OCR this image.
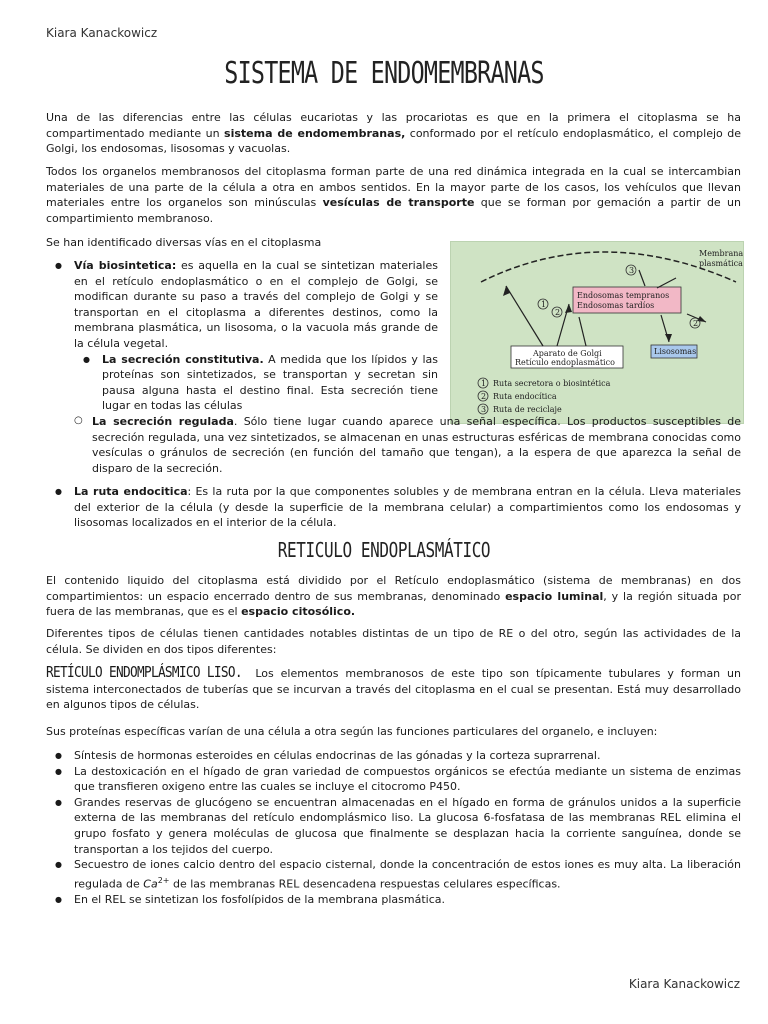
Kiara Kanackowicz
SISTEMA DE ENDOMEMBRANAS

Una de las diferencias entre las células eucariotas y las procariotas es que en la primera el citoplasma se ha compartimentado mediante un sistema de endomembranas, conformado por el retículo endoplasmático, el complejo de Golgi, los endosomas, lisosomas y vacuolas.

Todos los organelos membranosos del citoplasma forman parte de una red dinámica integrada en la cual se intercambian materiales de una parte de la célula a otra en ambos sentidos. En la mayor parte de los casos, los vehículos que llevan materiales entre los organelos son minúsculas vesículas de transporte que se forman por gemación a partir de un compartimiento membranoso.

Se han identificado diversas vías en el citoplasma

Membrana
plasmática
Endosomas tempranos
Endosomas tardíos
Aparato de Golgi
Retículo endoplasmático
Lisosomas
1
2
3
2
1 Ruta secretora o biosintética
2 Ruta endocítica
3 Ruta de reciclaje
● Vía biosintetica: es aquella en la cual se sintetizan materiales en el retículo endoplasmático o en el complejo de Golgi, se modifican durante su paso a través del complejo de Golgi y se transportan en el citoplasma a diferentes destinos, como la membrana plasmática, un lisosoma, o la vacuola más grande de la célula vegetal.
● La secreción constitutiva. A medida que los lípidos y las proteínas son sintetizados, se transportan y secretan sin pausa alguna hasta el destino final. Esta secreción tiene lugar en todas las células

○ La secreción regulada. Sólo tiene lugar cuando aparece una señal específica. Los productos susceptibles de secreción regulada, una vez sintetizados, se almacenan en unas estructuras esféricas de membrana conocidas como vesículas o gránulos de secreción (en función del tamaño que tengan), a la espera de que aparezca la señal de disparo de la secreción.

● La ruta endocitica: Es la ruta por la que componentes solubles y de membrana entran en la célula. Lleva materiales del exterior de la célula (y desde la superficie de la membrana celular) a compartimientos como los endosomas y lisosomas localizados en el interior de la célula.
RETICULO ENDOPLASMÁTICO

El contenido liquido del citoplasma está dividido por el Retículo endoplasmático (sistema de membranas) en dos compartimientos: un espacio encerrado dentro de sus membranas, denominado espacio luminal, y la región situada por fuera de las membranas, que es el espacio citosólico.

Diferentes tipos de células tienen cantidades notables distintas de un tipo de RE o del otro, según las actividades de la célula. Se dividen en dos tipos diferentes:

RETÍCULO ENDOMPLÁSMICO LISO. Los elementos membranosos de este tipo son típicamente tubulares y forman un sistema interconectados de tuberías que se incurvan a través del citoplasma en el cual se presentan. Está muy desarrollado en algunos tipos de células.

Sus proteínas específicas varían de una célula a otra según las funciones particulares del organelo, e incluyen:

● Síntesis de hormonas esteroides en células endocrinas de las gónadas y la corteza suprarrenal.
● La destoxicación en el hígado de gran variedad de compuestos orgánicos se efectúa mediante un sistema de enzimas que transfieren oxigeno entre las cuales se incluye el citocromo P450.
● Grandes reservas de glucógeno se encuentran almacenadas en el hígado en forma de gránulos unidos a la superficie externa de las membranas del retículo endomplásmico liso. La glucosa 6-fosfatasa de las membranas REL elimina el grupo fosfato y genera moléculas de glucosa que finalmente se desplazan hacia la corriente sanguínea, donde se transportan a los tejidos del cuerpo.
● Secuestro de iones calcio dentro del espacio cisternal, donde la concentración de estos iones es muy alta. La liberación regulada de $Ca^{2+}$ de las membranas REL desencadena respuestas celulares específicas.
● En el REL se sintetizan los fosfolípidos de la membrana plasmática.
Kiara Kanackowicz
